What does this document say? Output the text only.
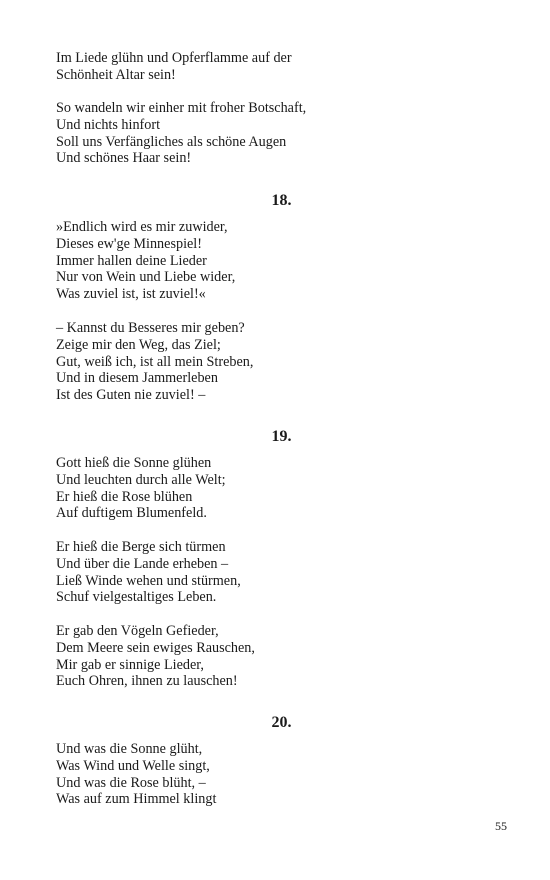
Im Liede glühn und Opferflamme auf der
Schönheit Altar sein!
So wandeln wir einher mit froher Botschaft,
Und nichts hinfort
Soll uns Verfängliches als schöne Augen
Und schönes Haar sein!
18.
»Endlich wird es mir zuwider,
Dieses ew'ge Minnespiel!
Immer hallen deine Lieder
Nur von Wein und Liebe wider,
Was zuviel ist, ist zuviel!«
– Kannst du Besseres mir geben?
Zeige mir den Weg, das Ziel;
Gut, weiß ich, ist all mein Streben,
Und in diesem Jammerleben
Ist des Guten nie zuviel! –
19.
Gott hieß die Sonne glühen
Und leuchten durch alle Welt;
Er hieß die Rose blühen
Auf duftigem Blumenfeld.
Er hieß die Berge sich türmen
Und über die Lande erheben –
Ließ Winde wehen und stürmen,
Schuf vielgestaltiges Leben.
Er gab den Vögeln Gefieder,
Dem Meere sein ewiges Rauschen,
Mir gab er sinnige Lieder,
Euch Ohren, ihnen zu lauschen!
20.
Und was die Sonne glüht,
Was Wind und Welle singt,
Und was die Rose blüht, –
Was auf zum Himmel klingt
55
